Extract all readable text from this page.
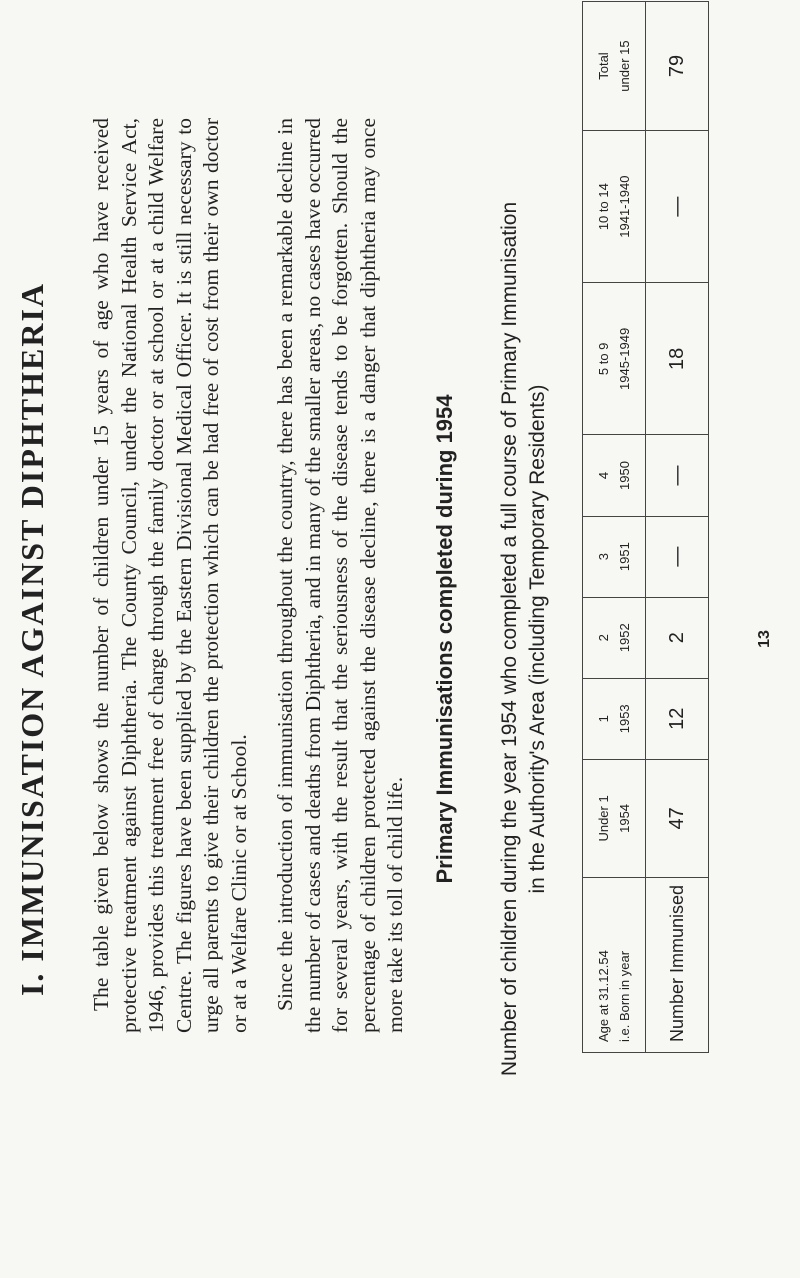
I. IMMUNISATION AGAINST DIPHTHERIA The table given below shows the number of children under 15 years of age who have received protective treatment against Diphtheria. The County Council, under the National Health Service Act, 1946, provides this treatment free of charge through the family doctor or at school or at a child Welfare Centre. The figures have been supplied by the Eastern Divisional Medical Officer. It is still necessary to urge all parents to give their children the protection which can be had free of cost from their own doctor or at a Welfare Clinic or at School. Since the introduction of immunisation throughout the country, there has been a remarkable decline in the number of cases and deaths from Diphtheria, and in many of the smaller areas, no cases have occurred for several years, with the result that the seriousness of the disease tends to be forgotten. Should the percentage of children protected against the disease decline, there is a danger that diphtheria may once more take its toll of child life.

Primary Immunisations completed during 1954 Number of children during the year 1954 who completed a full course of Primary Immunisation in the Authority's Area (including Temporary Residents)
Age at 31.12.54 i.e. Born in year	Under 1 1954	1 1953	2 1952	3 1951	4 1950	5 to 9 1945-1949	10 to 14 1941-1940	Total under 15

Number Immunised	47	12	2	—	—	18	—	79
13
